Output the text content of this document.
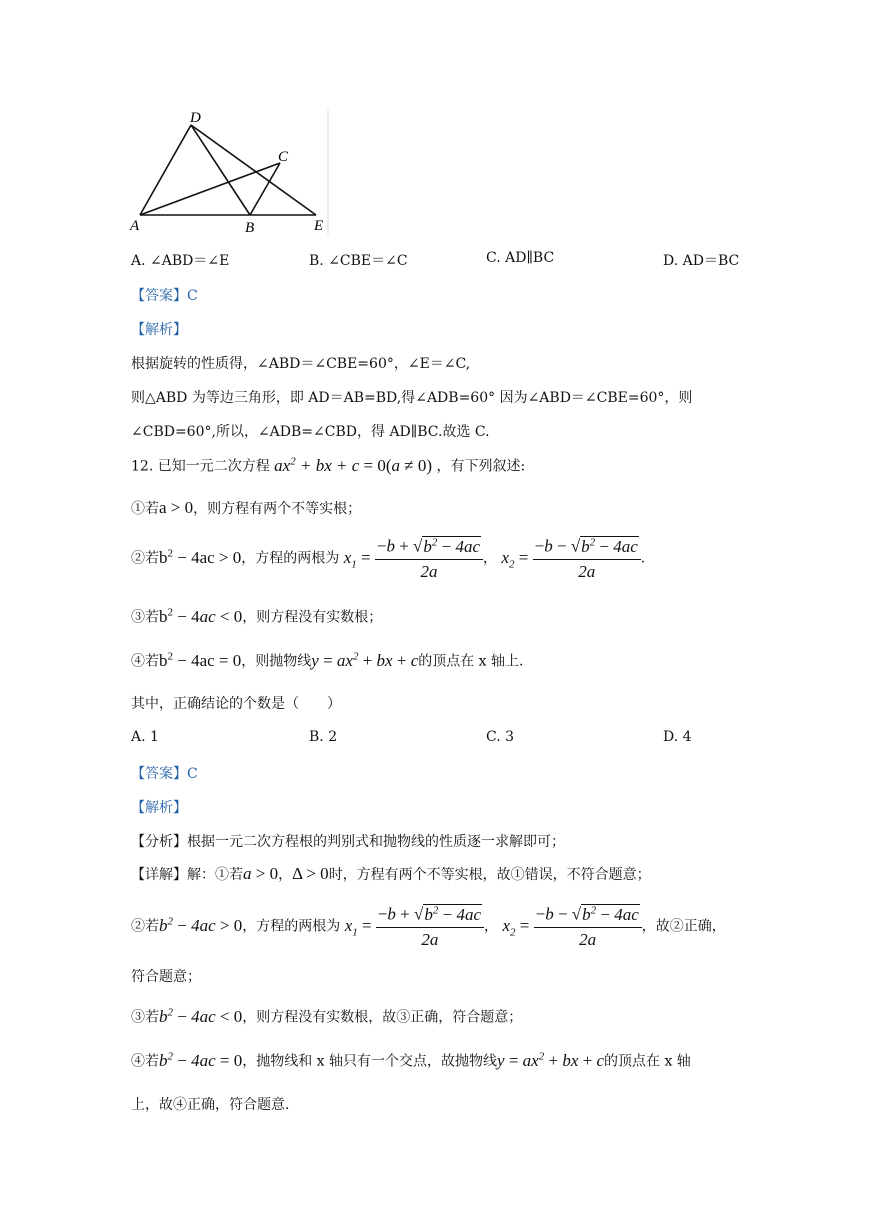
D
C
A	B	E
A. ∠ABD＝∠E	B. ∠CBE＝∠C	C. AD∥BC	D. AD＝BC
【答案】C
【解析】
根据旋转的性质得，∠ABD＝∠CBE=60°，∠E＝∠C,
则△ABD 为等边三角形，即 AD＝AB=BD,得∠ADB=60° 因为∠ABD＝∠CBE=60°，则
∠CBD=60°,所以，∠ADB=∠CBD，得 AD∥BC.故选 C.
12. 已知一元二次方程 $ax^2$ + bx + c = 0(a ≠ 0) ，有下列叙述:
①若a > 0，则方程有两个不等实根；
②若$b^2 - 4ac > 0$，方程的两根为 $x_1 = \frac{-b + √b^2 - 4ac}{2a}$ ， $x_2 = \frac{-b - √b^2 - 4ac}{2a}$ .
③若$b^2 - 4ac < 0$，则方程没有实数根；
④若$b^2 - 4ac = 0$，则抛物线$y = ax^2$ + bx + c的顶点在 x 轴上.
其中，正确结论的个数是（　　）
A. 1	B. 2	C. 3	D. 4
【答案】C
【解析】
【分析】根据一元二次方程根的判别式和抛物线的性质逐一求解即可；
【详解】解：①若a > 0，Δ > 0时，方程有两个不等实根，故①错误，不符合题意；
②若$b^2 - 4ac > 0$，方程的两根为 $x_1 = \frac{-b + √b^2 - 4ac}{2a}$ ， $x_2 = \frac{-b - √b^2 - 4ac}{2a}$ ，故②正确，
符合题意；
③若$b^2 - 4ac < 0$，则方程没有实数根，故③正确，符合题意；
④若$b^2 - 4ac = 0$，抛物线和 x 轴只有一个交点，故抛物线$y = ax^2$ + bx + c的顶点在 x 轴
上，故④正确，符合题意.
